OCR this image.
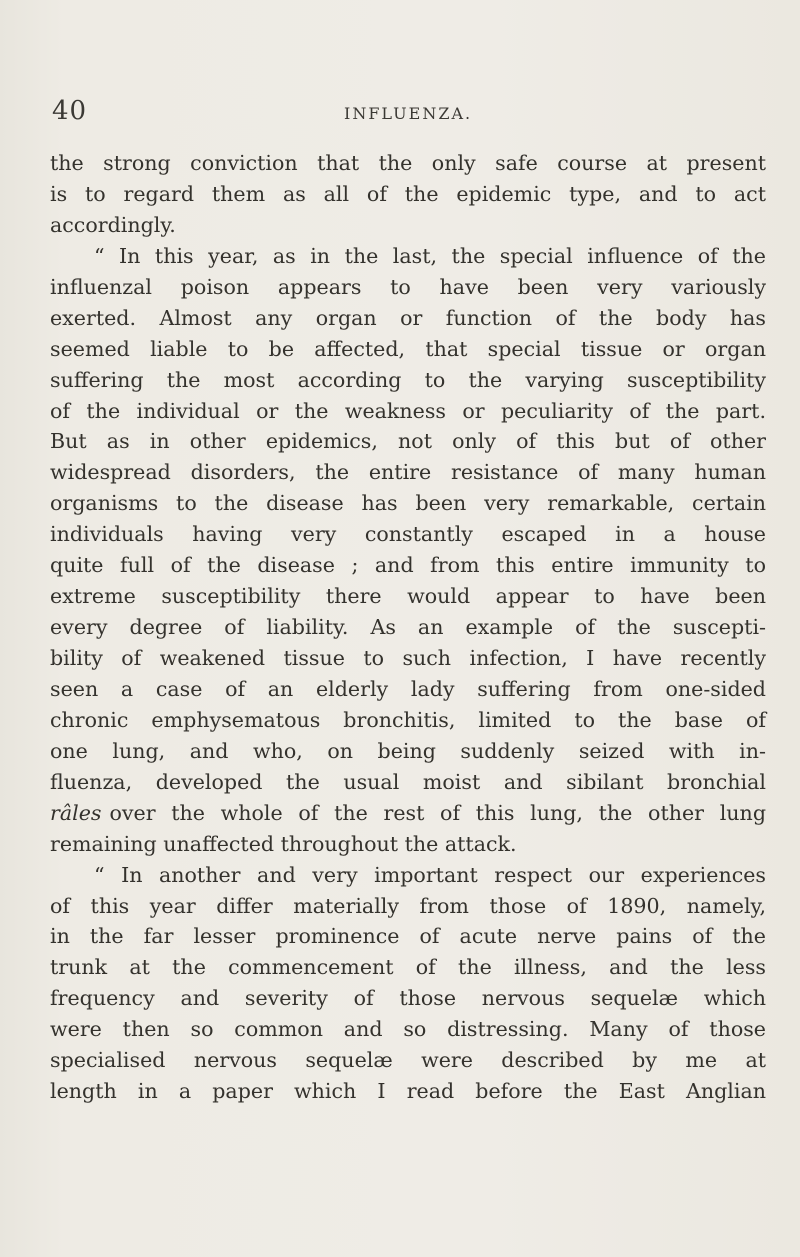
40	INFLUENZA.
the strong conviction that the only safe course at present
is to regard them as all of the epidemic type, and to act
accordingly.
“ In this year, as in the last, the special influence of the
influenzal poison appears to have been very variously
exerted. Almost any organ or function of the body has
seemed liable to be affected, that special tissue or organ
suffering the most according to the varying susceptibility
of the individual or the weakness or peculiarity of the part.
But as in other epidemics, not only of this but of other
widespread disorders, the entire resistance of many human
organisms to the disease has been very remarkable, certain
individuals having very constantly escaped in a house
quite full of the disease ; and from this entire immunity to
extreme susceptibility there would appear to have been
every degree of liability. As an example of the suscepti-
bility of weakened tissue to such infection, I have recently
seen a case of an elderly lady suffering from one-sided
chronic emphysematous bronchitis, limited to the base of
one lung, and who, on being suddenly seized with in-
fluenza, developed the usual moist and sibilant bronchial
râles over the whole of the rest of this lung, the other lung
remaining unaffected throughout the attack.
“ In another and very important respect our experiences
of this year differ materially from those of 1890, namely,
in the far lesser prominence of acute nerve pains of the
trunk at the commencement of the illness, and the less
frequency and severity of those nervous sequelæ which
were then so common and so distressing. Many of those
specialised nervous sequelæ were described by me at
length in a paper which I read before the East Anglian
